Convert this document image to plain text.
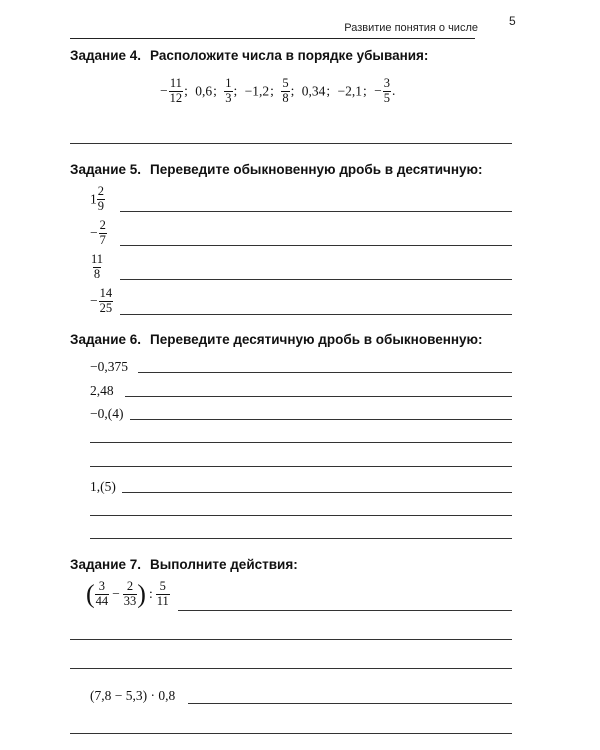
Развитие понятия о числе	5
Задание 4. Расположите числа в порядке убывания:
− $\frac{11}{12}$ ; 0,6; $\frac{1}{3}$ ; −1,2; $\frac{5}{8}$ ; 0,34; −2,1; − $\frac{3}{5}$ .
Задание 5. Переведите обыкновенную дробь в десятичную:
$1 \frac{2}{9}$
− $\frac{2}{7}$
$\frac{11}{8}$
− $\frac{14}{25}$
Задание 6. Переведите десятичную дробь в обыкновенную:
−0,375
2,48
−0,(4)
1,(5)
Задание 7. Выполните действия:
( $\frac{3}{44} - \frac{2}{33}$ ) : $\frac{5}{11}$
(7,8 − 5,3) · 0,8
